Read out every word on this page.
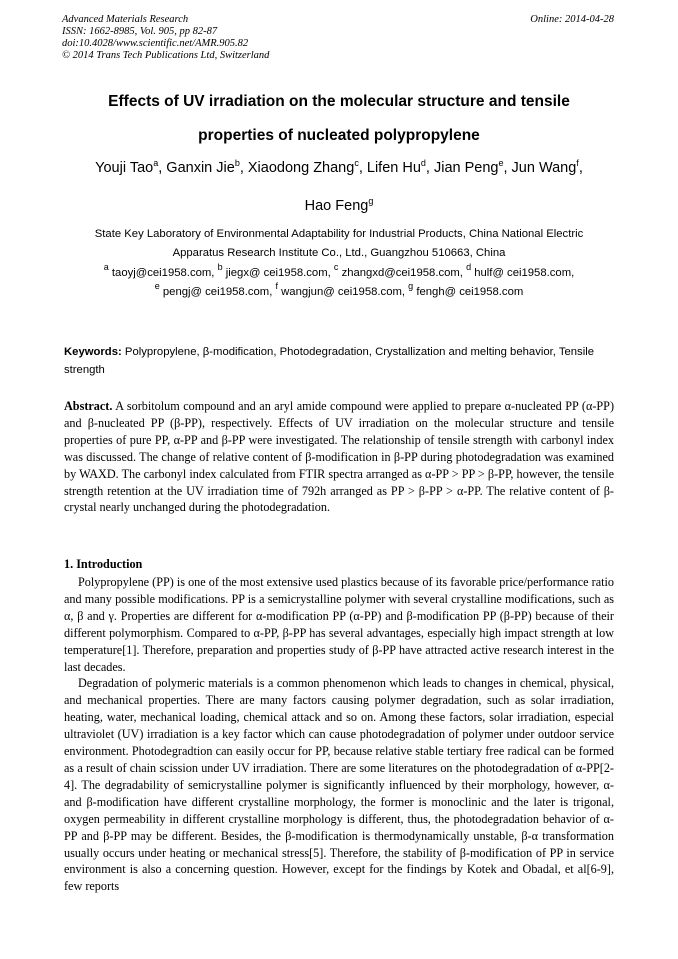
Advanced Materials Research
ISSN: 1662-8985, Vol. 905, pp 82-87
doi:10.4028/www.scientific.net/AMR.905.82
© 2014 Trans Tech Publications Ltd, Switzerland
Online: 2014-04-28
Effects of UV irradiation on the molecular structure and tensile
properties of nucleated polypropylene
Youji Tao$^a$, Ganxin Jie$^b$, Xiaodong Zhang$^c$, Lifen Hu$^d$, Jian Peng$^e$, Jun Wang$^f$,
Hao Feng$^g$
State Key Laboratory of Environmental Adaptability for Industrial Products, China National Electric
Apparatus Research Institute Co., Ltd., Guangzhou 510663, China
$^a$ taoyj@cei1958.com, $^b$ jiegx@ cei1958.com, $^c$ zhangxd@cei1958.com, $^d$ hulf@ cei1958.com,
$^e$ pengj@ cei1958.com, $^f$ wangjun@ cei1958.com, $^g$ fengh@ cei1958.com
Keywords: Polypropylene, β-modification, Photodegradation, Crystallization and melting behavior, Tensile strength
Abstract. A sorbitolum compound and an aryl amide compound were applied to prepare α-nucleated PP (α-PP) and β-nucleated PP (β-PP), respectively. Effects of UV irradiation on the molecular structure and tensile properties of pure PP, α-PP and β-PP were investigated. The relationship of tensile strength with carbonyl index was discussed. The change of relative content of β-modification in β-PP during photodegradation was examined by WAXD. The carbonyl index calculated from FTIR spectra arranged as α-PP > PP > β-PP, however, the tensile strength retention at the UV irradiation time of 792h arranged as PP > β-PP > α-PP. The relative content of β-crystal nearly unchanged during the photodegradation.
1. Introduction

Polypropylene (PP) is one of the most extensive used plastics because of its favorable price/performance ratio and many possible modifications. PP is a semicrystalline polymer with several crystalline modifications, such as α, β and γ. Properties are different for α-modification PP (α-PP) and β-modification PP (β-PP) because of their different polymorphism. Compared to α-PP, β-PP has several advantages, especially high impact strength at low temperature[1]. Therefore, preparation and properties study of β-PP have attracted active research interest in the last decades.

Degradation of polymeric materials is a common phenomenon which leads to changes in chemical, physical, and mechanical properties. There are many factors causing polymer degradation, such as solar irradiation, heating, water, mechanical loading, chemical attack and so on. Among these factors, solar irradiation, especial ultraviolet (UV) irradiation is a key factor which can cause photodegradation of polymer under outdoor service environment. Photodegradtion can easily occur for PP, because relative stable tertiary free radical can be formed as a result of chain scission under UV irradiation. There are some literatures on the photodegradation of α-PP[2-4]. The degradability of semicrystalline polymer is significantly influenced by their morphology, however, α- and β-modification have different crystalline morphology, the former is monoclinic and the later is trigonal, oxygen permeability in different crystalline morphology is different, thus, the photodegradation behavior of α-PP and β-PP may be different. Besides, the β-modification is thermodynamically unstable, β-α transformation usually occurs under heating or mechanical stress[5]. Therefore, the stability of β-modification of PP in service environment is also a concerning question. However, except for the findings by Kotek and Obadal, et al[6-9], few reports
